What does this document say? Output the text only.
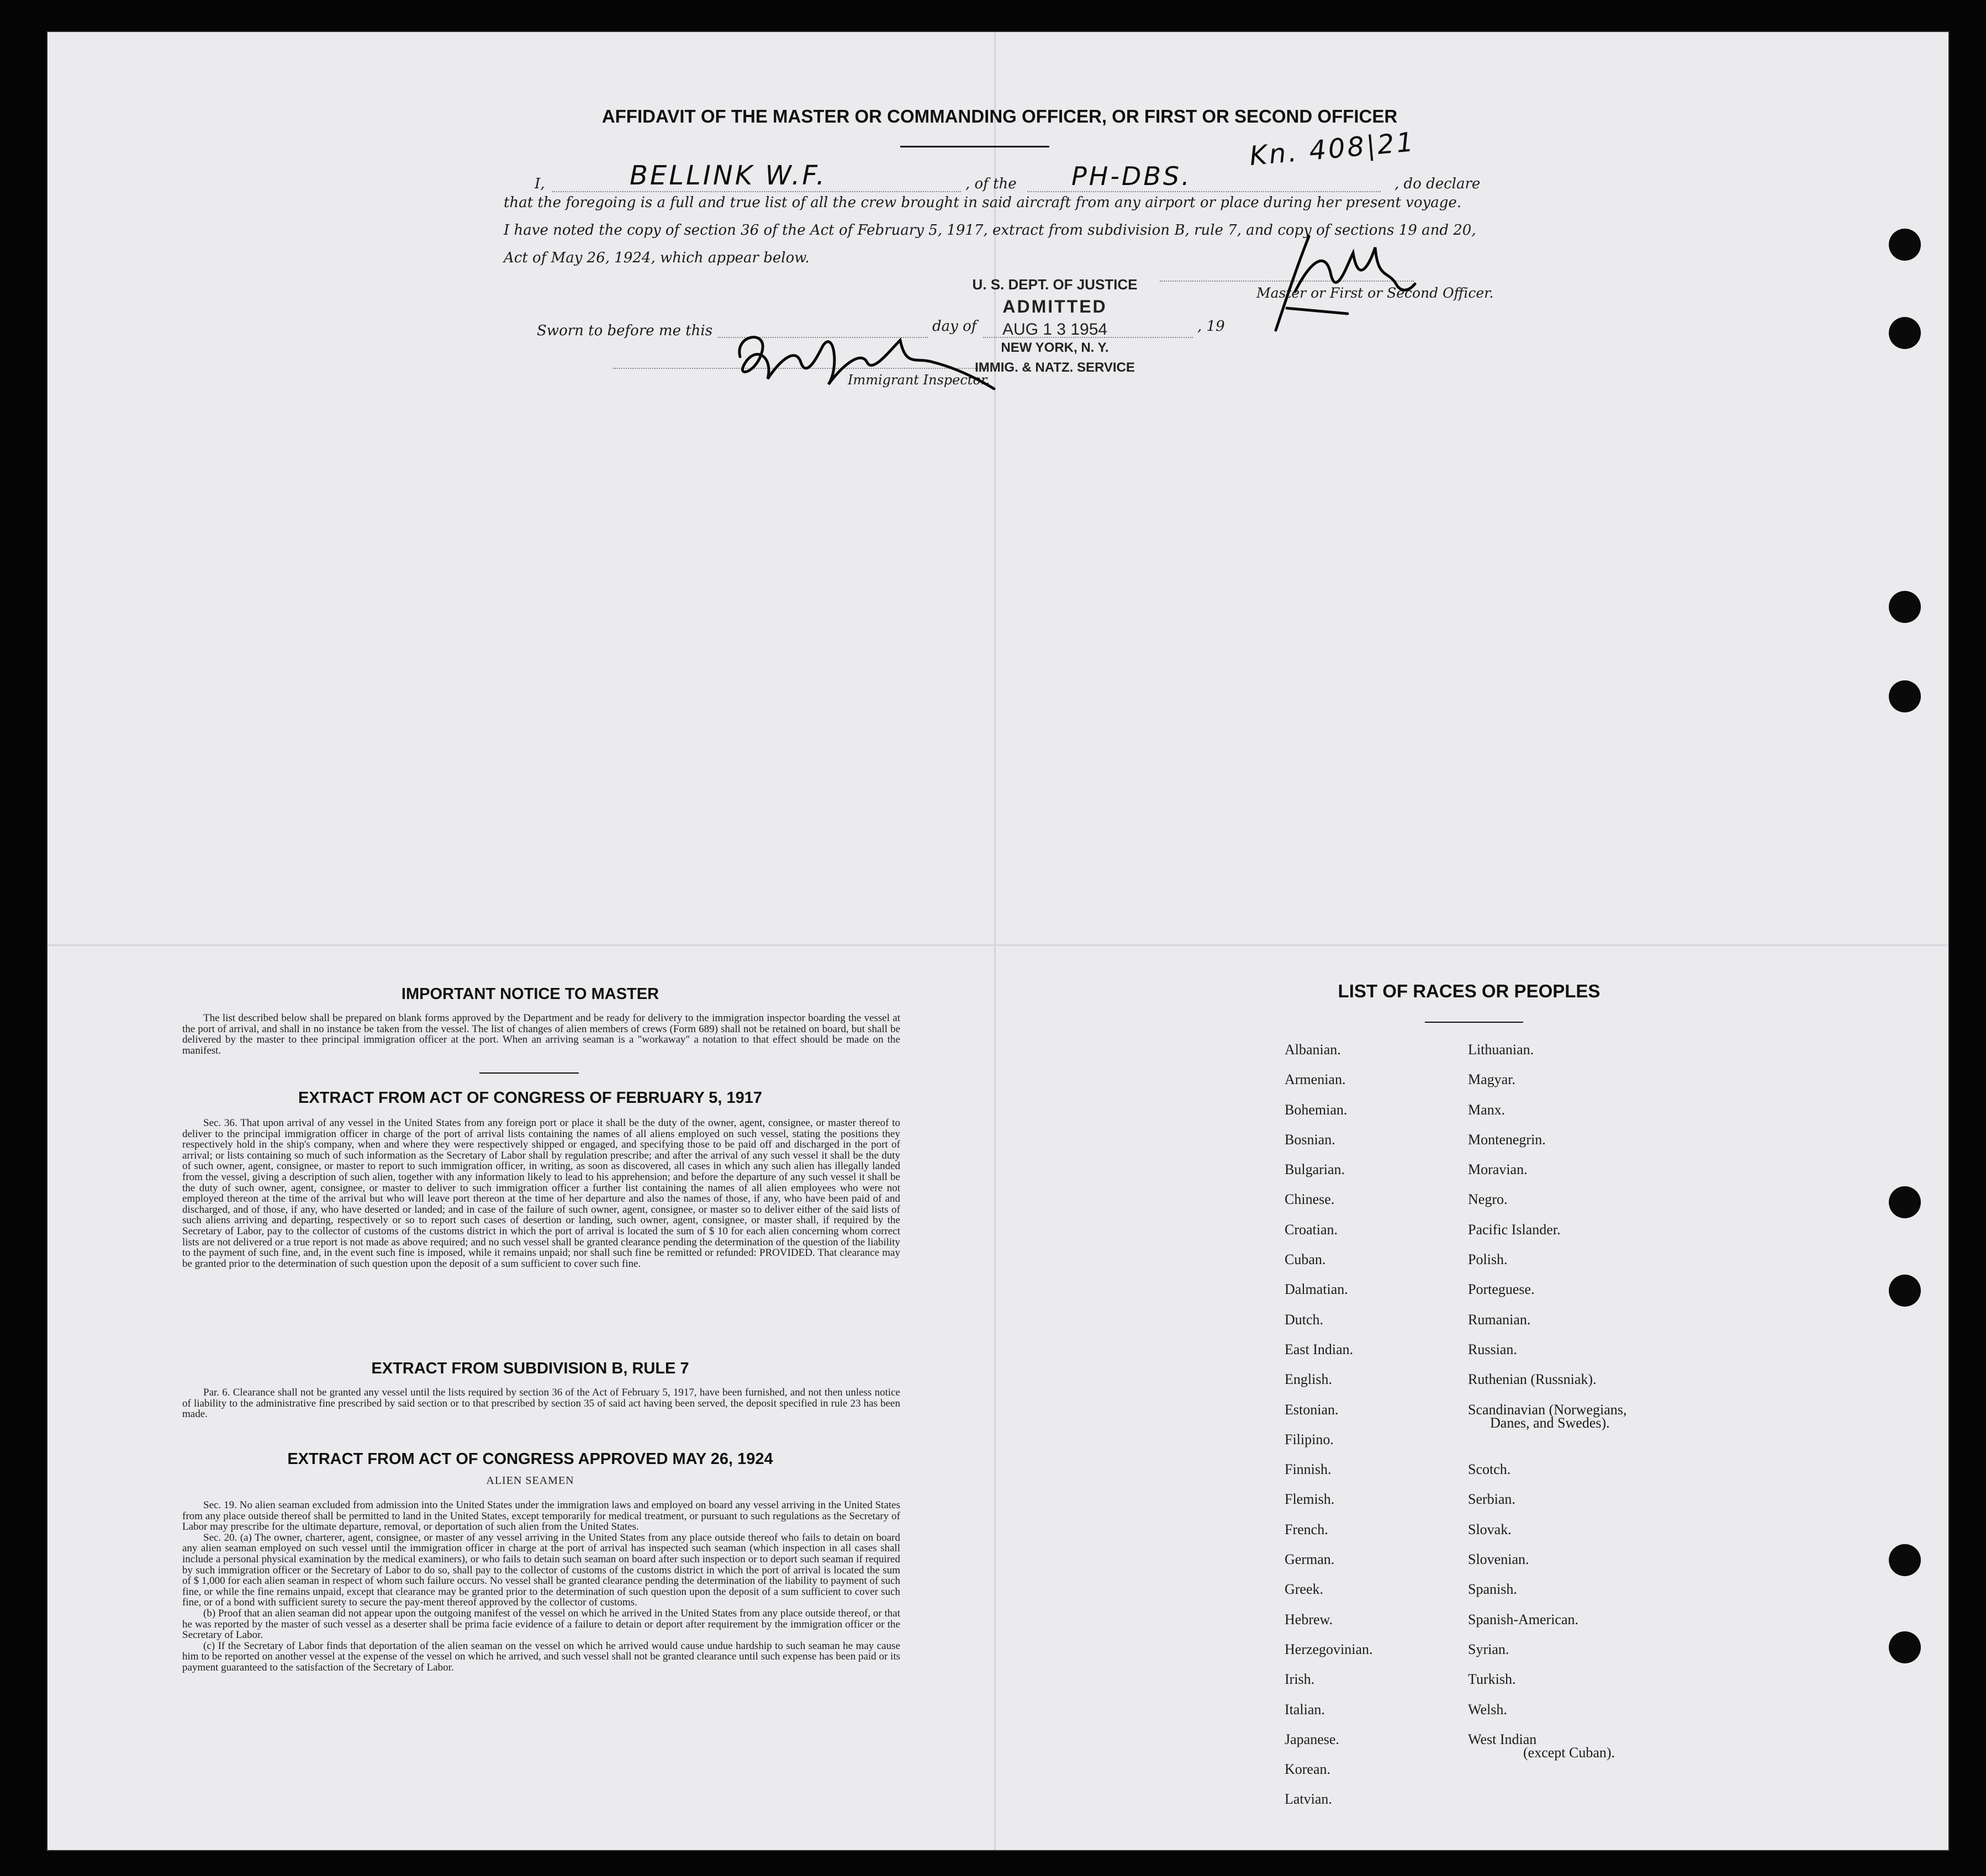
AFFIDAVIT OF THE MASTER OR COMMANDING OFFICER, OR FIRST OR SECOND OFFICER
I,	BELLINK W.F.	, of the PH-DBS.
Kn. 408|21
, do declare
that the foregoing is a full and true list of all the crew brought in said aircraft from any airport or place during her present voyage.
I have noted the copy of section 36 of the Act of February 5, 1917, extract from subdivision B, rule 7, and copy of sections 19 and 20,
Act of May 26, 1924, which appear below.
Master or First or Second Officer.
Sworn to before me this	day of	, 19
Immigrant Inspector.
U. S. DEPT. OF JUSTICE
ADMITTED
AUG 1 3 1954
NEW YORK, N. Y.
IMMIG. & NATZ. SERVICE
IMPORTANT NOTICE TO MASTER

The list described below shall be prepared on blank forms approved by the Department and be ready for delivery to the immigration inspector boarding the vessel at the port of arrival, and shall in no instance be taken from the vessel. The list of changes of alien members of crews (Form 689) shall not be retained on board, but shall be delivered by the master to thee principal immigration officer at the port. When an arriving seaman is a "workaway" a notation to that effect should be made on the manifest.

EXTRACT FROM ACT OF CONGRESS OF FEBRUARY 5, 1917

Sec. 36. That upon arrival of any vessel in the United States from any foreign port or place it shall be the duty of the owner, agent, consignee, or master thereof to deliver to the principal immigration officer in charge of the port of arrival lists containing the names of all aliens employed on such vessel, stating the positions they respectively hold in the ship's company, when and where they were respectively shipped or engaged, and specifying those to be paid off and discharged in the port of arrival; or lists containing so much of such information as the Secretary of Labor shall by regulation prescribe; and after the arrival of any such vessel it shall be the duty of such owner, agent, consignee, or master to report to such immigration officer, in writing, as soon as discovered, all cases in which any such alien has illegally landed from the vessel, giving a description of such alien, together with any information likely to lead to his apprehension; and before the departure of any such vessel it shall be the duty of such owner, agent, consignee, or master to deliver to such immigration officer a further list containing the names of all alien employees who were not employed thereon at the time of the arrival but who will leave port thereon at the time of her departure and also the names of those, if any, who have been paid of and discharged, and of those, if any, who have deserted or landed; and in case of the failure of such owner, agent, consignee, or master so to deliver either of the said lists of such aliens arriving and departing, respectively or so to report such cases of desertion or landing, such owner, agent, consignee, or master shall, if required by the Secretary of Labor, pay to the collector of customs of the customs district in which the port of arrival is located the sum of $ 10 for each alien concerning whom correct lists are not delivered or a true report is not made as above required; and no such vessel shall be granted clearance pending the determination of the question of the liability to the payment of such fine, and, in the event such fine is imposed, while it remains unpaid; nor shall such fine be remitted or refunded: PROVIDED. That clearance may be granted prior to the determination of such question upon the deposit of a sum sufficient to cover such fine.

EXTRACT FROM SUBDIVISION B, RULE 7

Par. 6. Clearance shall not be granted any vessel until the lists required by section 36 of the Act of February 5, 1917, have been furnished, and not then unless notice of liability to the administrative fine prescribed by said section or to that prescribed by section 35 of said act having been served, the deposit specified in rule 23 has been made.

EXTRACT FROM ACT OF CONGRESS APPROVED MAY 26, 1924
ALIEN SEAMEN

Sec. 19. No alien seaman excluded from admission into the United States under the immigration laws and employed on board any vessel arriving in the United States from any place outside thereof shall be permitted to land in the United States, except temporarily for medical treatment, or pursuant to such regulations as the Secretary of Labor may prescribe for the ultimate departure, removal, or deportation of such alien from the United States.

Sec. 20. (a) The owner, charterer, agent, consignee, or master of any vessel arriving in the United States from any place outside thereof who fails to detain on board any alien seaman employed on such vessel until the immigration officer in charge at the port of arrival has inspected such seaman (which inspection in all cases shall include a personal physical examination by the medical examiners), or who fails to detain such seaman on board after such inspection or to deport such seaman if required by such immigration officer or the Secretary of Labor to do so, shall pay to the collector of customs of the customs district in which the port of arrival is located the sum of $ 1,000 for each alien seaman in respect of whom such failure occurs. No vessel shall be granted clearance pending the determination of the liability to payment of such fine, or while the fine remains unpaid, except that clearance may be granted prior to the determination of such question upon the deposit of a sum sufficient to cover such fine, or of a bond with sufficient surety to secure the pay-ment thereof approved by the collector of customs.

(b) Proof that an alien seaman did not appear upon the outgoing manifest of the vessel on which he arrived in the United States from any place outside thereof, or that he was reported by the master of such vessel as a deserter shall be prima facie evidence of a failure to detain or deport after requirement by the immigration officer or the Secretary of Labor.

(c) If the Secretary of Labor finds that deportation of the alien seaman on the vessel on which he arrived would cause undue hardship to such seaman he may cause him to be reported on another vessel at the expense of the vessel on which he arrived, and such vessel shall not be granted clearance until such expense has been paid or its payment guaranteed to the satisfaction of the Secretary of Labor.

LIST OF RACES OR PEOPLES
Albanian.
Armenian.
Bohemian.
Bosnian.
Bulgarian.
Chinese.
Croatian.
Cuban.
Dalmatian.
Dutch.
East Indian.
English.
Estonian.
Filipino.
Finnish.
Flemish.
French.
German.
Greek.
Hebrew.
Herzegovinian.
Irish.
Italian.
Japanese.
Korean.
Latvian.
Lithuanian.
Magyar.
Manx.
Montenegrin.
Moravian.
Negro.
Pacific Islander.
Polish.
Porteguese.
Rumanian.
Russian.
Ruthenian (Russniak).
Scandinavian (Norwegians,
Danes, and Swedes).
Scotch.
Serbian.
Slovak.
Slovenian.
Spanish.
Spanish-American.
Syrian.
Turkish.
Welsh.
West Indian
(except Cuban).
